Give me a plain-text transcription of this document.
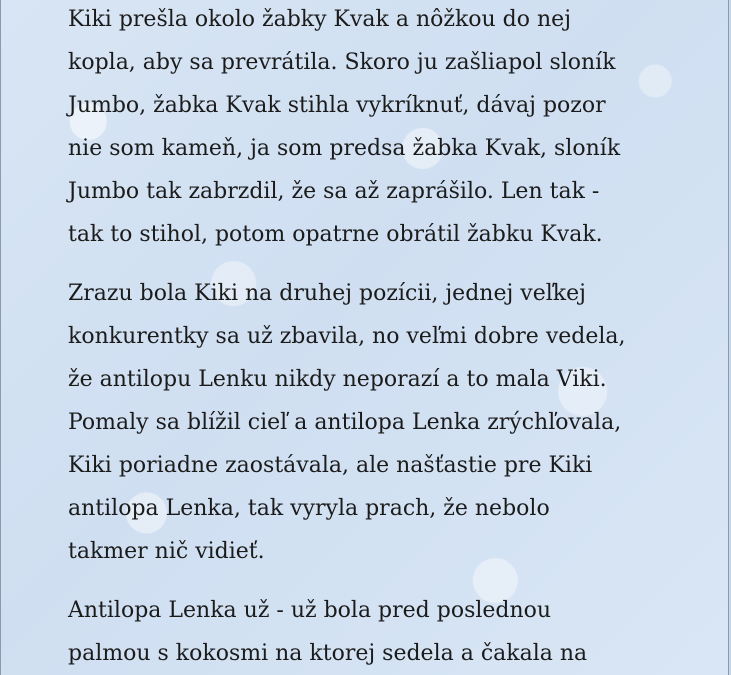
Kiki prešla okolo žabky Kvak a nôžkou do nej
kopla, aby sa prevrátila. Skoro ju zašliapol sloník
Jumbo, žabka Kvak stihla vykríknuť, dávaj pozor
nie som kameň, ja som predsa žabka Kvak, sloník
Jumbo tak zabrzdil, že sa až zaprášilo. Len tak -
tak to stihol, potom opatrne obrátil žabku Kvak.

Zrazu bola Kiki na druhej pozícii, jednej veľkej
konkurentky sa už zbavila, no veľmi dobre vedela,
že antilopu Lenku nikdy neporazí a to mala Viki.
Pomaly sa blížil cieľ a antilopa Lenka zrýchľovala,
Kiki poriadne zaostávala, ale našťastie pre Kiki
antilopa Lenka, tak vyryla prach, že nebolo
takmer nič vidieť.

Antilopa Lenka už - už bola pred poslednou
palmou s kokosmi na ktorej sedela a čakala na
